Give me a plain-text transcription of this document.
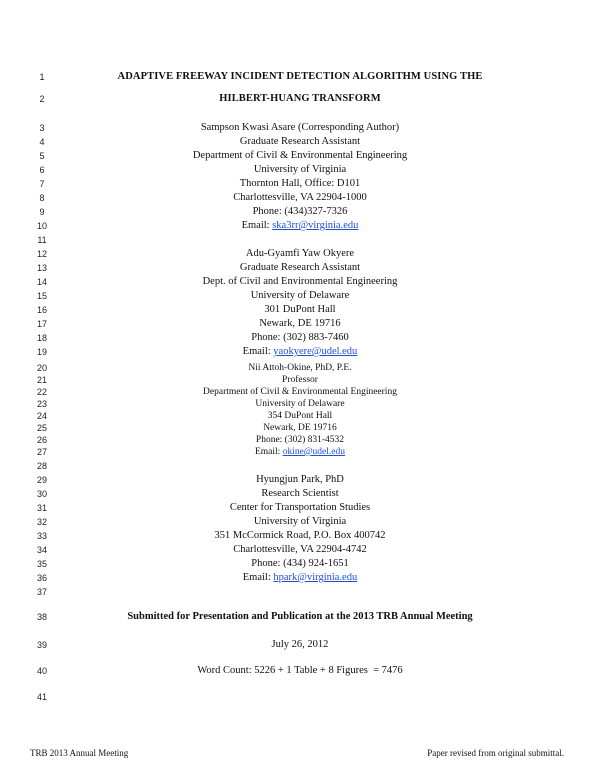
1	ADAPTIVE FREEWAY INCIDENT DETECTION ALGORITHM USING THE
2	HILBERT-HUANG TRANSFORM
3	Sampson Kwasi Asare (Corresponding Author)
4	Graduate Research Assistant
5	Department of Civil & Environmental Engineering
6	University of Virginia
7	Thornton Hall, Office: D101
8	Charlottesville, VA 22904-1000
9	Phone: (434)327-7326
10	Email: ska3rr@virginia.edu
11
12	Adu-Gyamfi Yaw Okyere
13	Graduate Research Assistant
14	Dept. of Civil and Environmental Engineering
15	University of Delaware
16	301 DuPont Hall
17	Newark, DE 19716
18	Phone: (302) 883-7460
19	Email: yaokyere@udel.edu
20	Nii Attoh-Okine, PhD, P.E.
21	Professor
22	Department of Civil & Environmental Engineering
23	University of Delaware
24	354 DuPont Hall
25	Newark, DE 19716
26	Phone: (302) 831-4532
27	Email: okine@udel.edu
28
29	Hyungjun Park, PhD
30	Research Scientist
31	Center for Transportation Studies
32	University of Virginia
33	351 McCormick Road, P.O. Box 400742
34	Charlottesville, VA 22904-4742
35	Phone: (434) 924-1651
36	Email: hpark@virginia.edu
37
38	Submitted for Presentation and Publication at the 2013 TRB Annual Meeting
39	July 26, 2012
40	Word Count: 5226 + 1 Table + 8 Figures  = 7476
41
TRB 2013 Annual Meeting	Paper revised from original submittal.
